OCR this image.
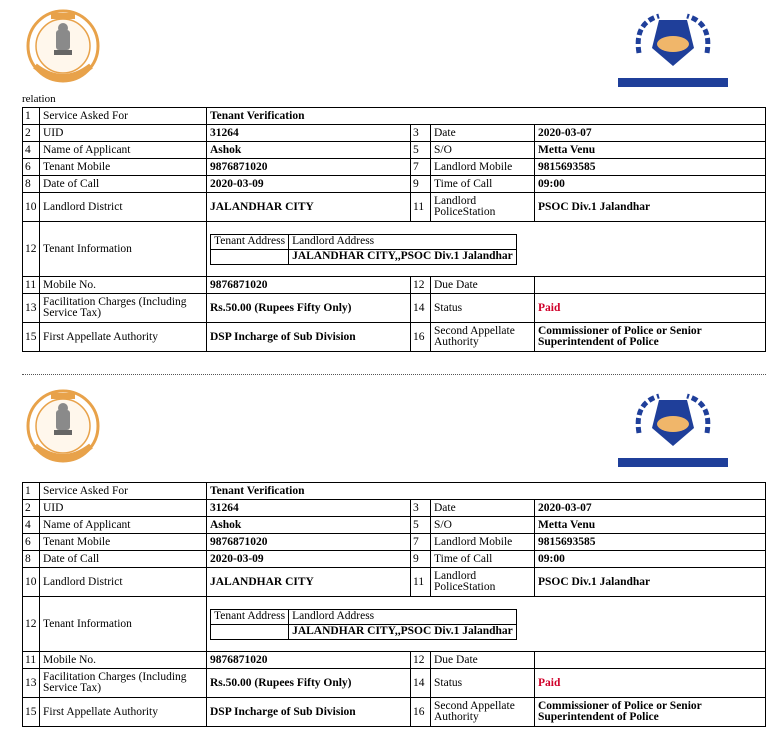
relation
1	Service Asked For	Tenant Verification
2	UID	31264	3	Date	2020-03-07
4	Name of Applicant	Ashok	5	S/O	Metta Venu
6	Tenant Mobile	9876871020	7	Landlord Mobile	9815693585
8	Date of Call	2020-03-09	9	Time of Call	09:00
10	Landlord District	JALANDHAR CITY	11	Landlord PoliceStation	PSOC Div.1 Jalandhar
12	Tenant Information	
Tenant Address	Landlord Address
	JALANDHAR CITY,,PSOC Div.1 Jalandhar

11	Mobile No.	9876871020	12	Due Date	
13	Facilitation Charges (Including Service Tax)	Rs.50.00 (Rupees Fifty Only)	14	Status	Paid
15	First Appellate Authority	DSP Incharge of Sub Division	16	Second Appellate Authority	Commissioner of Police or Senior Superintendent of Police
1	Service Asked For	Tenant Verification
2	UID	31264	3	Date	2020-03-07
4	Name of Applicant	Ashok	5	S/O	Metta Venu
6	Tenant Mobile	9876871020	7	Landlord Mobile	9815693585
8	Date of Call	2020-03-09	9	Time of Call	09:00
10	Landlord District	JALANDHAR CITY	11	Landlord PoliceStation	PSOC Div.1 Jalandhar
12	Tenant Information	
Tenant Address	Landlord Address
	JALANDHAR CITY,,PSOC Div.1 Jalandhar

11	Mobile No.	9876871020	12	Due Date	
13	Facilitation Charges (Including Service Tax)	Rs.50.00 (Rupees Fifty Only)	14	Status	Paid
15	First Appellate Authority	DSP Incharge of Sub Division	16	Second Appellate Authority	Commissioner of Police or Senior Superintendent of Police
